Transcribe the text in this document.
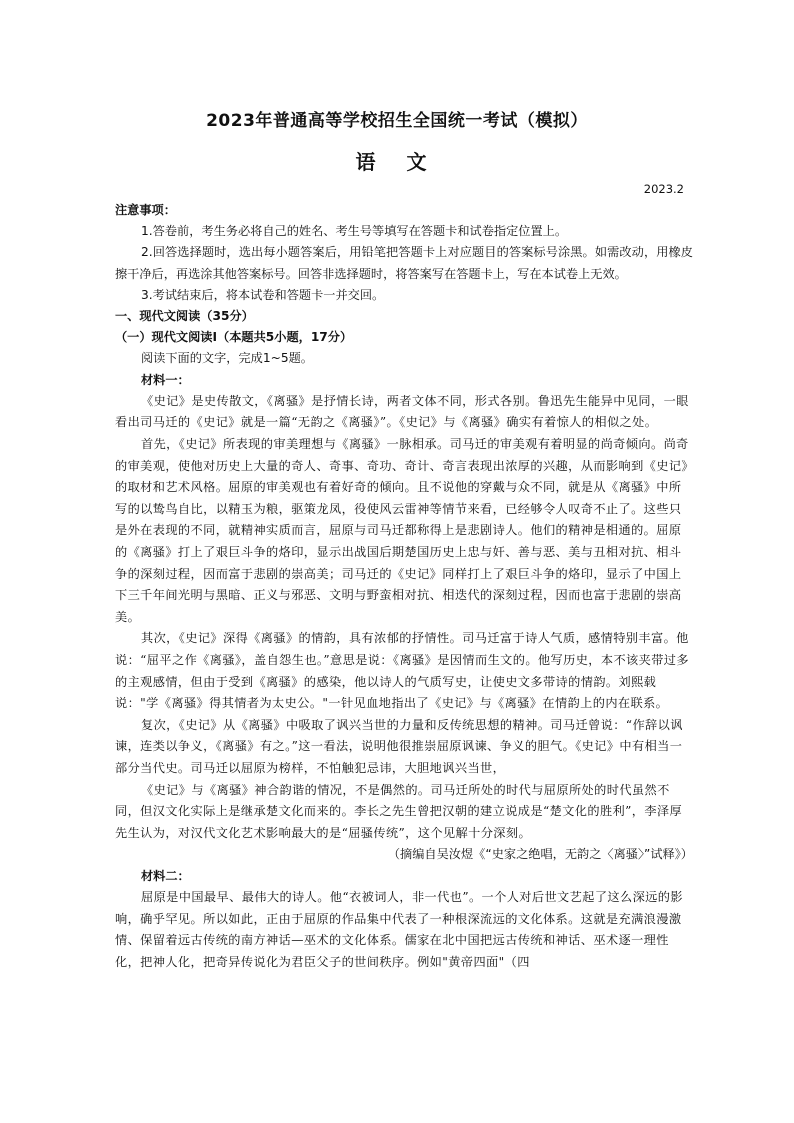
2023年普通高等学校招生全国统一考试（模拟）
语 文
2023.2

注意事项：

1.答卷前，考生务必将自己的姓名、考生号等填写在答题卡和试卷指定位置上。

2.回答选择题时，选出每小题答案后，用铅笔把答题卡上对应题目的答案标号涂黑。如需改动，用橡皮擦干净后，再选涂其他答案标号。回答非选择题时，将答案写在答题卡上，写在本试卷上无效。

3.考试结束后，将本试卷和答题卡一并交回。

一、现代文阅读（35分）

（一）现代文阅读Ⅰ（本题共5小题，17分）

阅读下面的文字，完成1~5题。

材料一：

《史记》是史传散文，《离骚》是抒情长诗，两者文体不同，形式各别。鲁迅先生能异中见同，一眼看出司马迁的《史记》就是一篇“无韵之《离骚》”。《史记》与《离骚》确实有着惊人的相似之处。

首先，《史记》所表现的审美理想与《离骚》一脉相承。司马迁的审美观有着明显的尚奇倾向。尚奇的审美观，使他对历史上大量的奇人、奇事、奇功、奇计、奇言表现出浓厚的兴趣，从而影响到《史记》的取材和艺术风格。屈原的审美观也有着好奇的倾向。且不说他的穿戴与众不同，就是从《离骚》中所写的以鸷鸟自比，以精玉为粮，驱策龙凤，役使风云雷神等情节来看，已经够令人叹奇不止了。这些只是外在表现的不同，就精神实质而言，屈原与司马迁都称得上是悲剧诗人。他们的精神是相通的。屈原的《离骚》打上了艰巨斗争的烙印，显示出战国后期楚国历史上忠与奸、善与恶、美与丑相对抗、相斗争的深刻过程，因而富于悲剧的崇高美；司马迁的《史记》同样打上了艰巨斗争的烙印，显示了中国上下三千年间光明与黑暗、正义与邪恶、文明与野蛮相对抗、相迭代的深刻过程，因而也富于悲剧的崇高美。

其次，《史记》深得《离骚》的情韵，具有浓郁的抒情性。司马迁富于诗人气质，感情特别丰富。他说：“屈平之作《离骚》，盖自怨生也。”意思是说：《离骚》是因情而生文的。他写历史，本不该夹带过多的主观感情，但由于受到《离骚》的感染，他以诗人的气质写史，让使史文多带诗的情韵。刘熙载说："学《离骚》得其情者为太史公。"一针见血地指出了《史记》与《离骚》在情韵上的内在联系。

复次，《史记》从《离骚》中吸取了讽兴当世的力量和反传统思想的精神。司马迁曾说：“作辞以讽谏，连类以争义，《离骚》有之。”这一看法，说明他很推崇屈原讽谏、争义的胆气。《史记》中有相当一部分当代史。司马迁以屈原为榜样，不怕触犯忌讳，大胆地讽兴当世，

《史记》与《离骚》神合韵谐的情况，不是偶然的。司马迁所处的时代与屈原所处的时代虽然不同，但汉文化实际上是继承楚文化而来的。李长之先生曾把汉朝的建立说成是“楚文化的胜利”，李泽厚先生认为，对汉代文化艺术影响最大的是“屈骚传统”，这个见解十分深刻。

（摘编自吴汝煜《“史家之绝唱，无韵之〈离骚〉”试释》）

材料二：

屈原是中国最早、最伟大的诗人。他“衣被词人，非一代也”。一个人对后世文艺起了这么深远的影响，确乎罕见。所以如此，正由于屈原的作品集中代表了一种根深流远的文化体系。这就是充满浪漫激情、保留着远古传统的南方神话—巫术的文化体系。儒家在北中国把远古传统和神话、巫术逐一理性化，把神人化，把奇异传说化为君臣父子的世间秩序。例如"黄帝四面"（四
